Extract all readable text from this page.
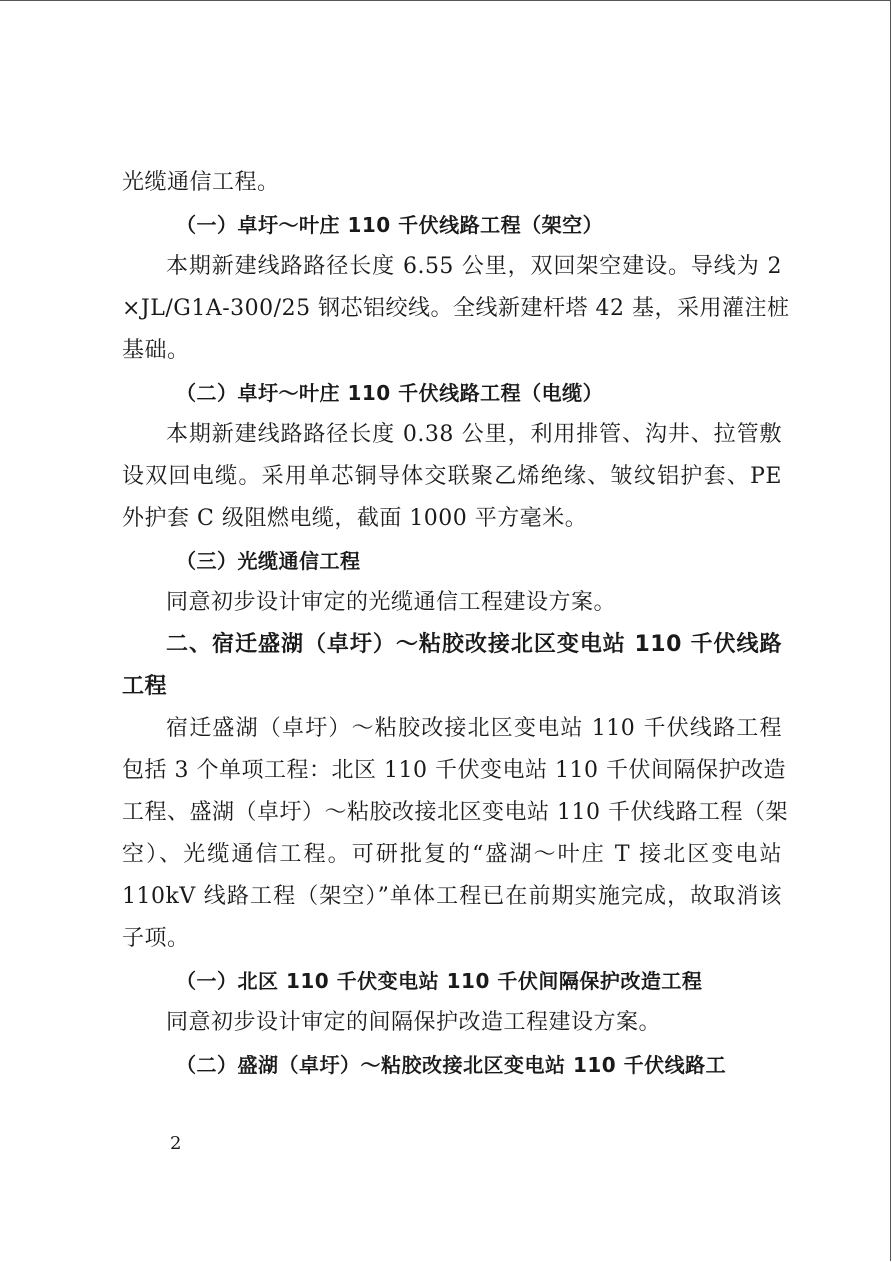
光缆通信工程。
（一）卓圩～叶庄 110 千伏线路工程（架空）
本期新建线路路径长度 6.55 公里，双回架空建设。导线为 2
×JL/G1A-300/25 钢芯铝绞线。全线新建杆塔 42 基，采用灌注桩
基础。
（二）卓圩～叶庄 110 千伏线路工程（电缆）
本期新建线路路径长度 0.38 公里，利用排管、沟井、拉管敷
设双回电缆。采用单芯铜导体交联聚乙烯绝缘、皱纹铝护套、PE
外护套 C 级阻燃电缆，截面 1000 平方毫米。
（三）光缆通信工程
同意初步设计审定的光缆通信工程建设方案。
二、宿迁盛湖（卓圩）～粘胶改接北区变电站 110 千伏线路
工程
宿迁盛湖（卓圩）～粘胶改接北区变电站 110 千伏线路工程
包括 3 个单项工程：北区 110 千伏变电站 110 千伏间隔保护改造
工程、盛湖（卓圩）～粘胶改接北区变电站 110 千伏线路工程（架
空）、光缆通信工程。可研批复的“盛湖～叶庄 T 接北区变电站
110kV 线路工程（架空）”单体工程已在前期实施完成，故取消该
子项。
（一）北区 110 千伏变电站 110 千伏间隔保护改造工程
同意初步设计审定的间隔保护改造工程建设方案。
（二）盛湖（卓圩）～粘胶改接北区变电站 110 千伏线路工
2
